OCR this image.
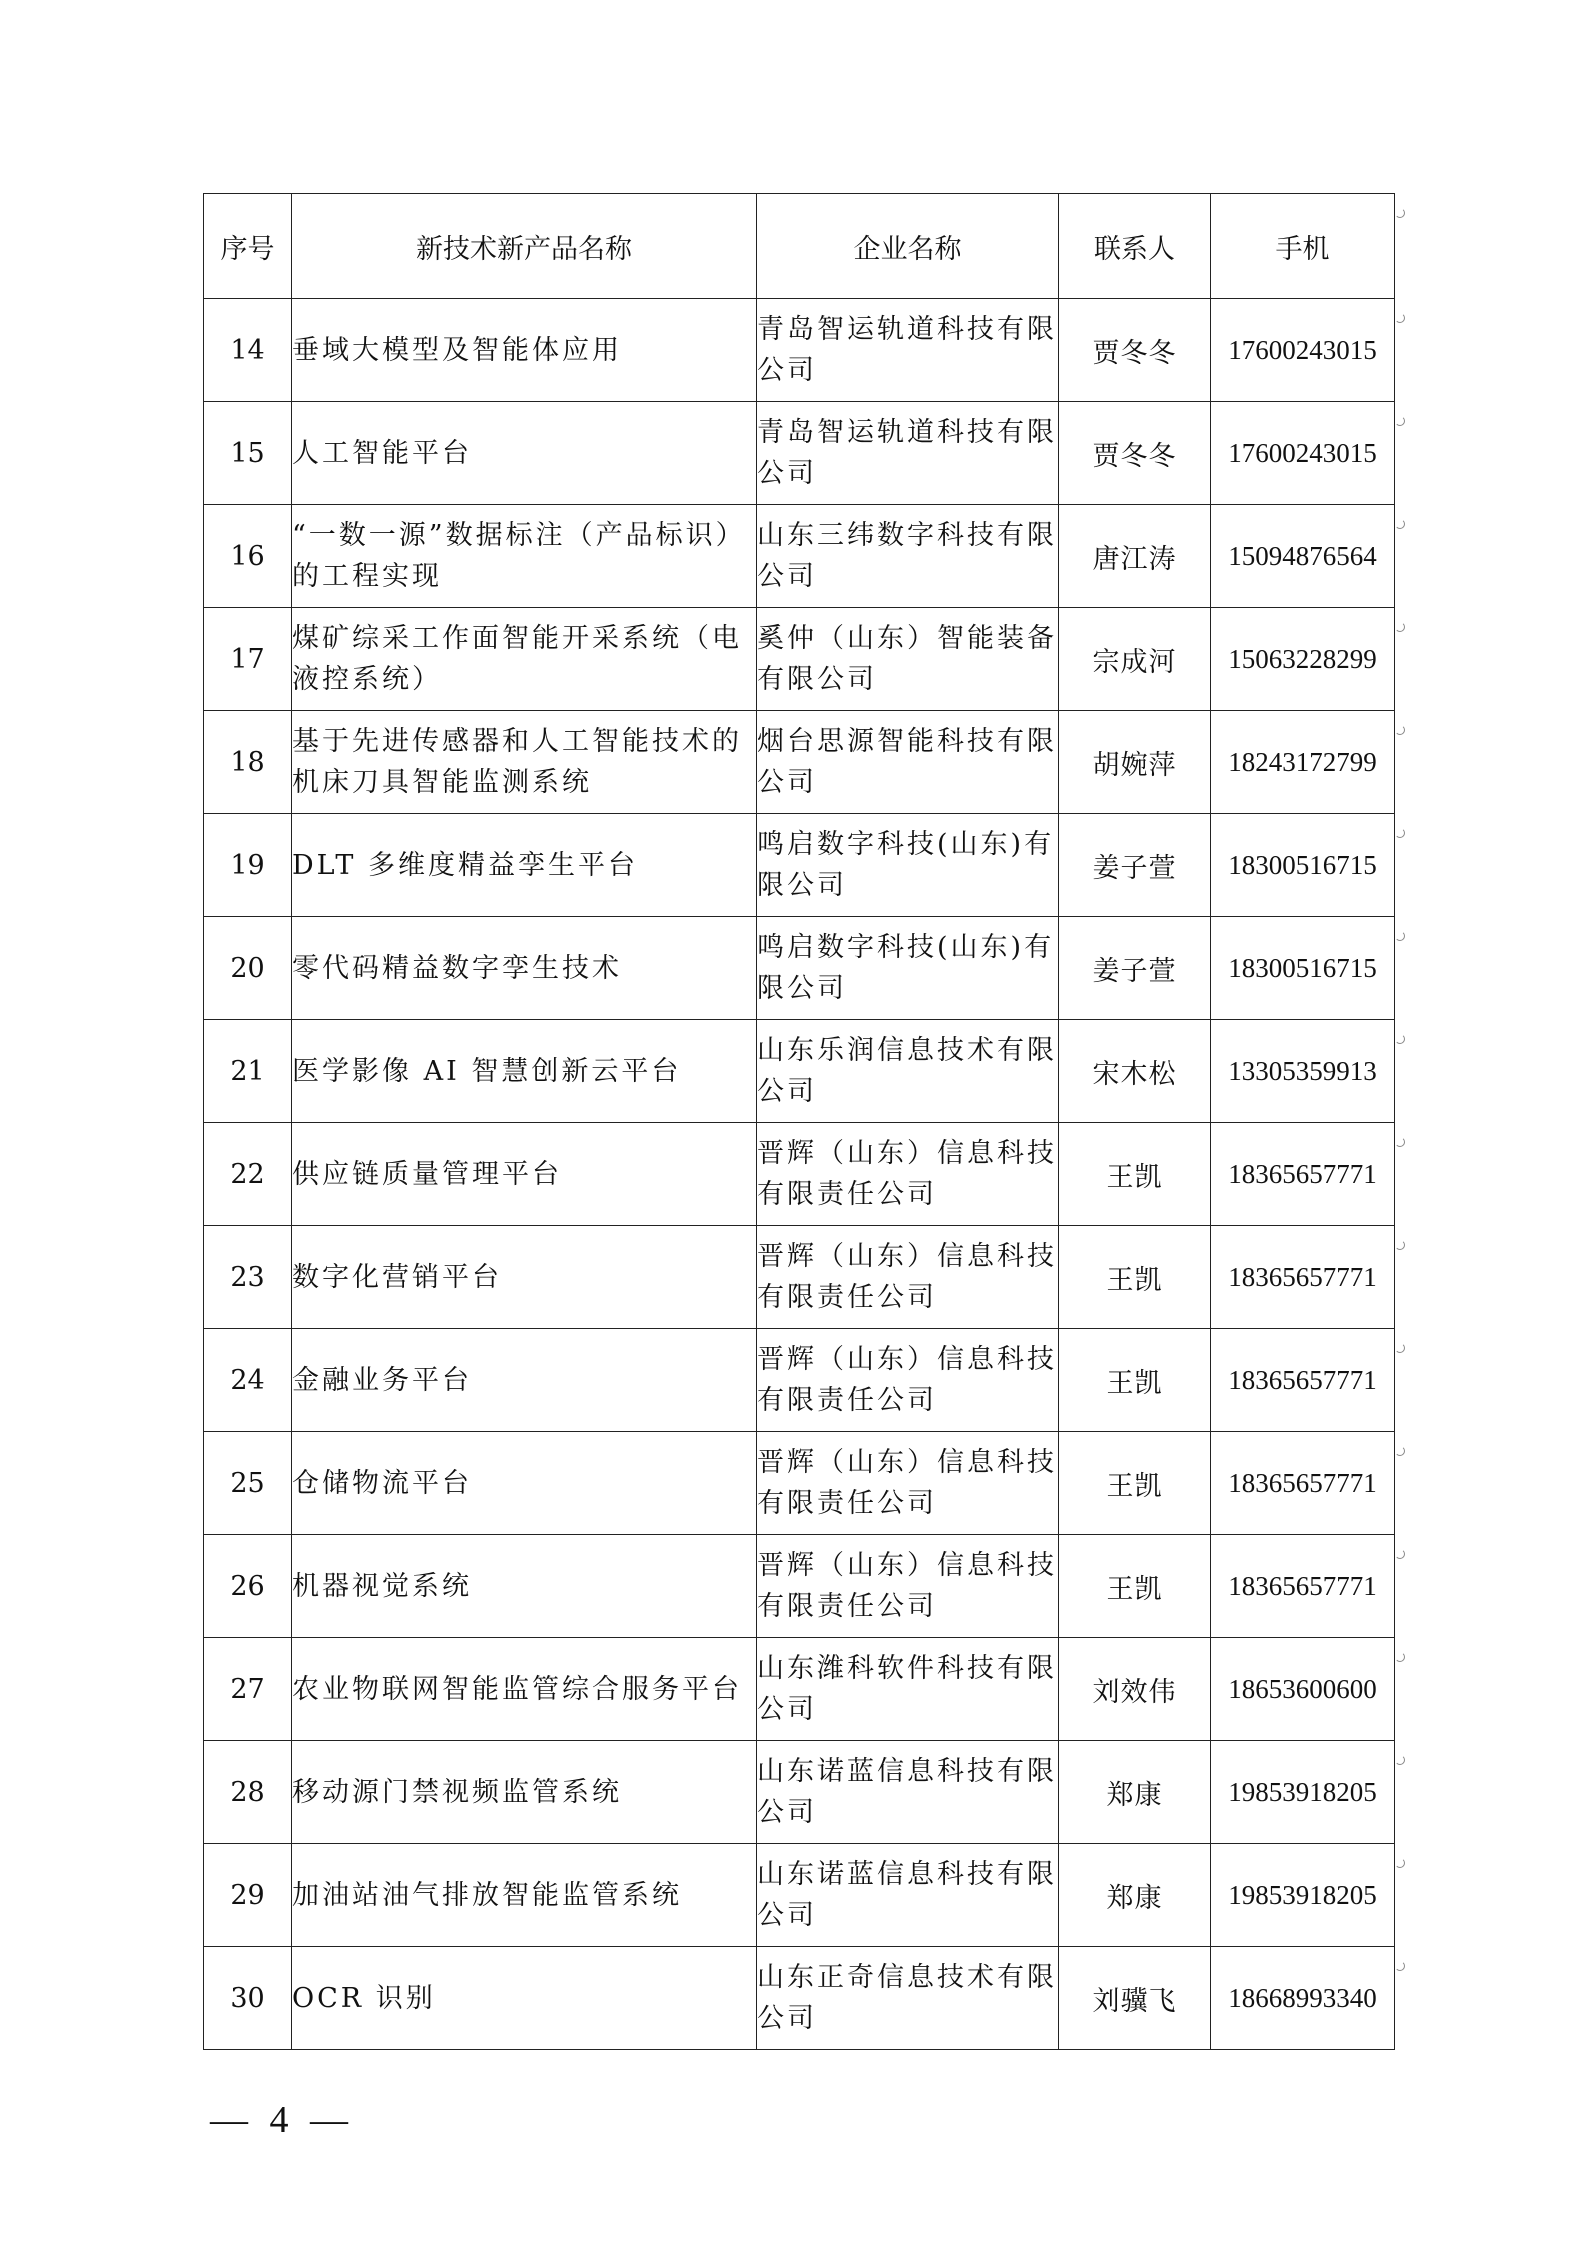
序号	新技术新产品名称	企业名称	联系人	手机
14	垂域大模型及智能体应用	青岛智运轨道科技有限公司	贾冬冬	17600243015
15	人工智能平台	青岛智运轨道科技有限公司	贾冬冬	17600243015
16	“一数一源”数据标注（产品标识）的工程实现	山东三纬数字科技有限公司	唐江涛	15094876564
17	煤矿综采工作面智能开采系统（电液控系统）	奚仲（山东）智能装备有限公司	宗成河	15063228299
18	基于先进传感器和人工智能技术的机床刀具智能监测系统	烟台思源智能科技有限公司	胡婉萍	18243172799
19	DLT 多维度精益孪生平台	鸣启数字科技(山东)有限公司	姜子萱	18300516715
20	零代码精益数字孪生技术	鸣启数字科技(山东)有限公司	姜子萱	18300516715
21	医学影像 AI 智慧创新云平台	山东乐润信息技术有限公司	宋木松	13305359913
22	供应链质量管理平台	晋辉（山东）信息科技有限责任公司	王凯	18365657771
23	数字化营销平台	晋辉（山东）信息科技有限责任公司	王凯	18365657771
24	金融业务平台	晋辉（山东）信息科技有限责任公司	王凯	18365657771
25	仓储物流平台	晋辉（山东）信息科技有限责任公司	王凯	18365657771
26	机器视觉系统	晋辉（山东）信息科技有限责任公司	王凯	18365657771
27	农业物联网智能监管综合服务平台	山东潍科软件科技有限公司	刘效伟	18653600600
28	移动源门禁视频监管系统	山东诺蓝信息科技有限公司	郑康	19853918205
29	加油站油气排放智能监管系统	山东诺蓝信息科技有限公司	郑康	19853918205
30	OCR 识别	山东正奇信息技术有限公司	刘骥飞	18668993340
— 4 —
